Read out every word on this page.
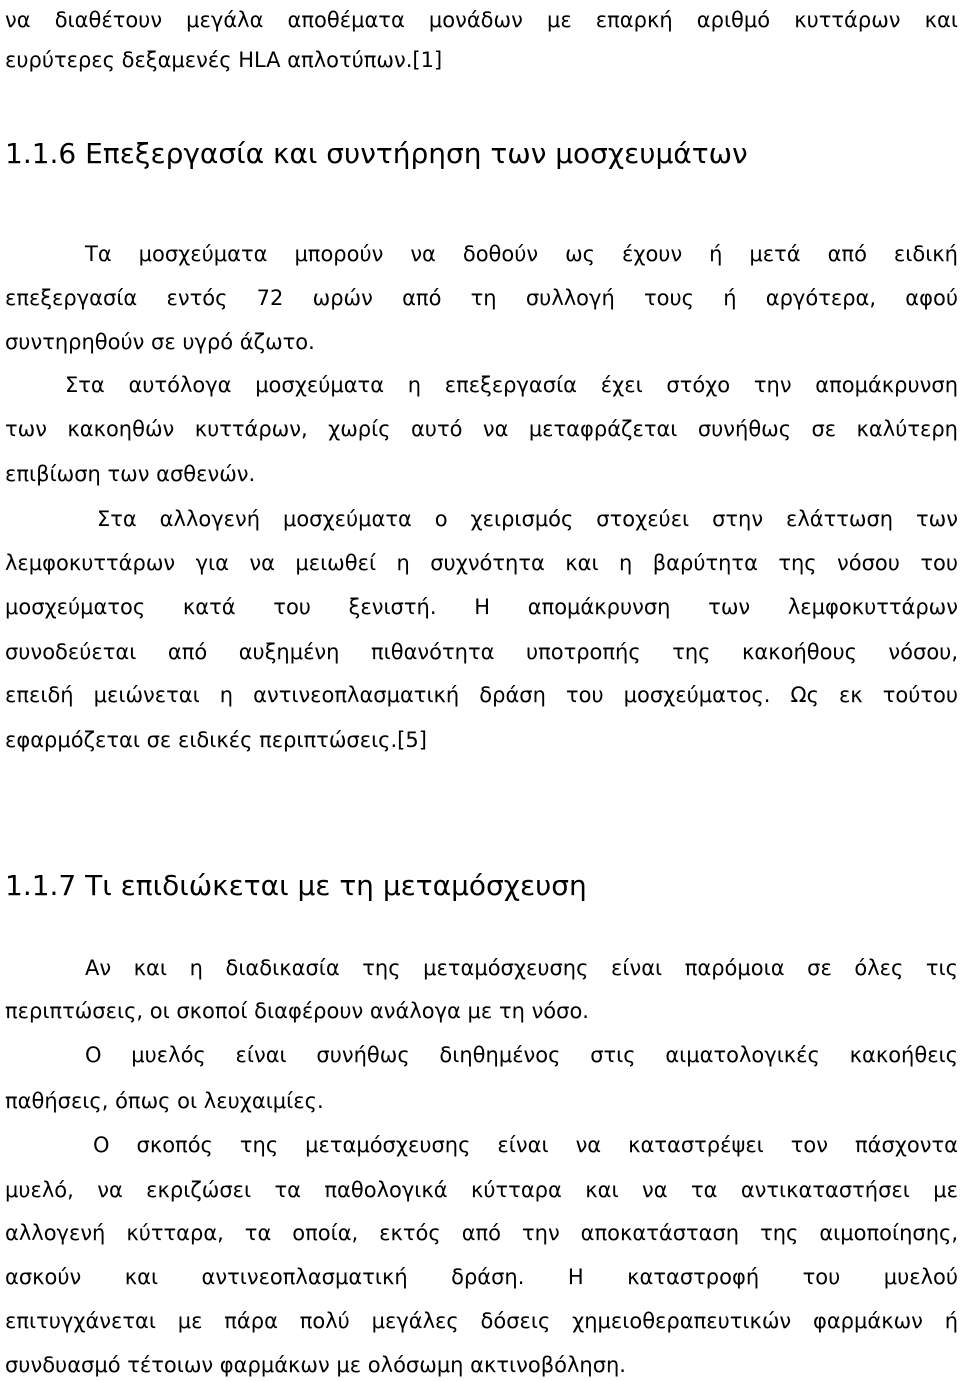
να διαθέτουν μεγάλα αποθέματα μονάδων με επαρκή αριθμό κυττάρων και
ευρύτερες δεξαμενές HLA απλοτύπων.[1]
1.1.6 Επεξεργασία και συντήρηση των μοσχευμάτων
Τα μοσχεύματα μπορούν να δοθούν ως έχουν ή μετά από ειδική
επεξεργασία εντός 72 ωρών από τη συλλογή τους ή αργότερα, αφού
συντηρηθούν σε υγρό άζωτο.
Στα αυτόλογα μοσχεύματα η επεξεργασία έχει στόχο την απομάκρυνση
των κακοηθών κυττάρων, χωρίς αυτό να μεταφράζεται συνήθως σε καλύτερη
επιβίωση των ασθενών.
Στα αλλογενή μοσχεύματα ο χειρισμός στοχεύει στην ελάττωση των
λεμφοκυττάρων για να μειωθεί η συχνότητα και η βαρύτητα της νόσου του
μοσχεύματος κατά του ξενιστή. Η απομάκρυνση των λεμφοκυττάρων
συνοδεύεται από αυξημένη πιθανότητα υποτροπής της κακοήθους νόσου,
επειδή μειώνεται η αντινεοπλασματική δράση του μοσχεύματος. Ως εκ τούτου
εφαρμόζεται σε ειδικές περιπτώσεις.[5]
1.1.7 Τι επιδιώκεται με τη μεταμόσχευση
Αν και η διαδικασία της μεταμόσχευσης είναι παρόμοια σε όλες τις
περιπτώσεις, οι σκοποί διαφέρουν ανάλογα με τη νόσο.
Ο μυελός είναι συνήθως διηθημένος στις αιματολογικές κακοήθεις
παθήσεις, όπως οι λευχαιμίες.
Ο σκοπός της μεταμόσχευσης είναι να καταστρέψει τον πάσχοντα
μυελό, να εκριζώσει τα παθολογικά κύτταρα και να τα αντικαταστήσει με
αλλογενή κύτταρα, τα οποία, εκτός από την αποκατάσταση της αιμοποίησης,
ασκούν και αντινεοπλασματική δράση. Η καταστροφή του μυελού
επιτυγχάνεται με πάρα πολύ μεγάλες δόσεις χημειοθεραπευτικών φαρμάκων ή
συνδυασμό τέτοιων φαρμάκων με ολόσωμη ακτινοβόληση.
